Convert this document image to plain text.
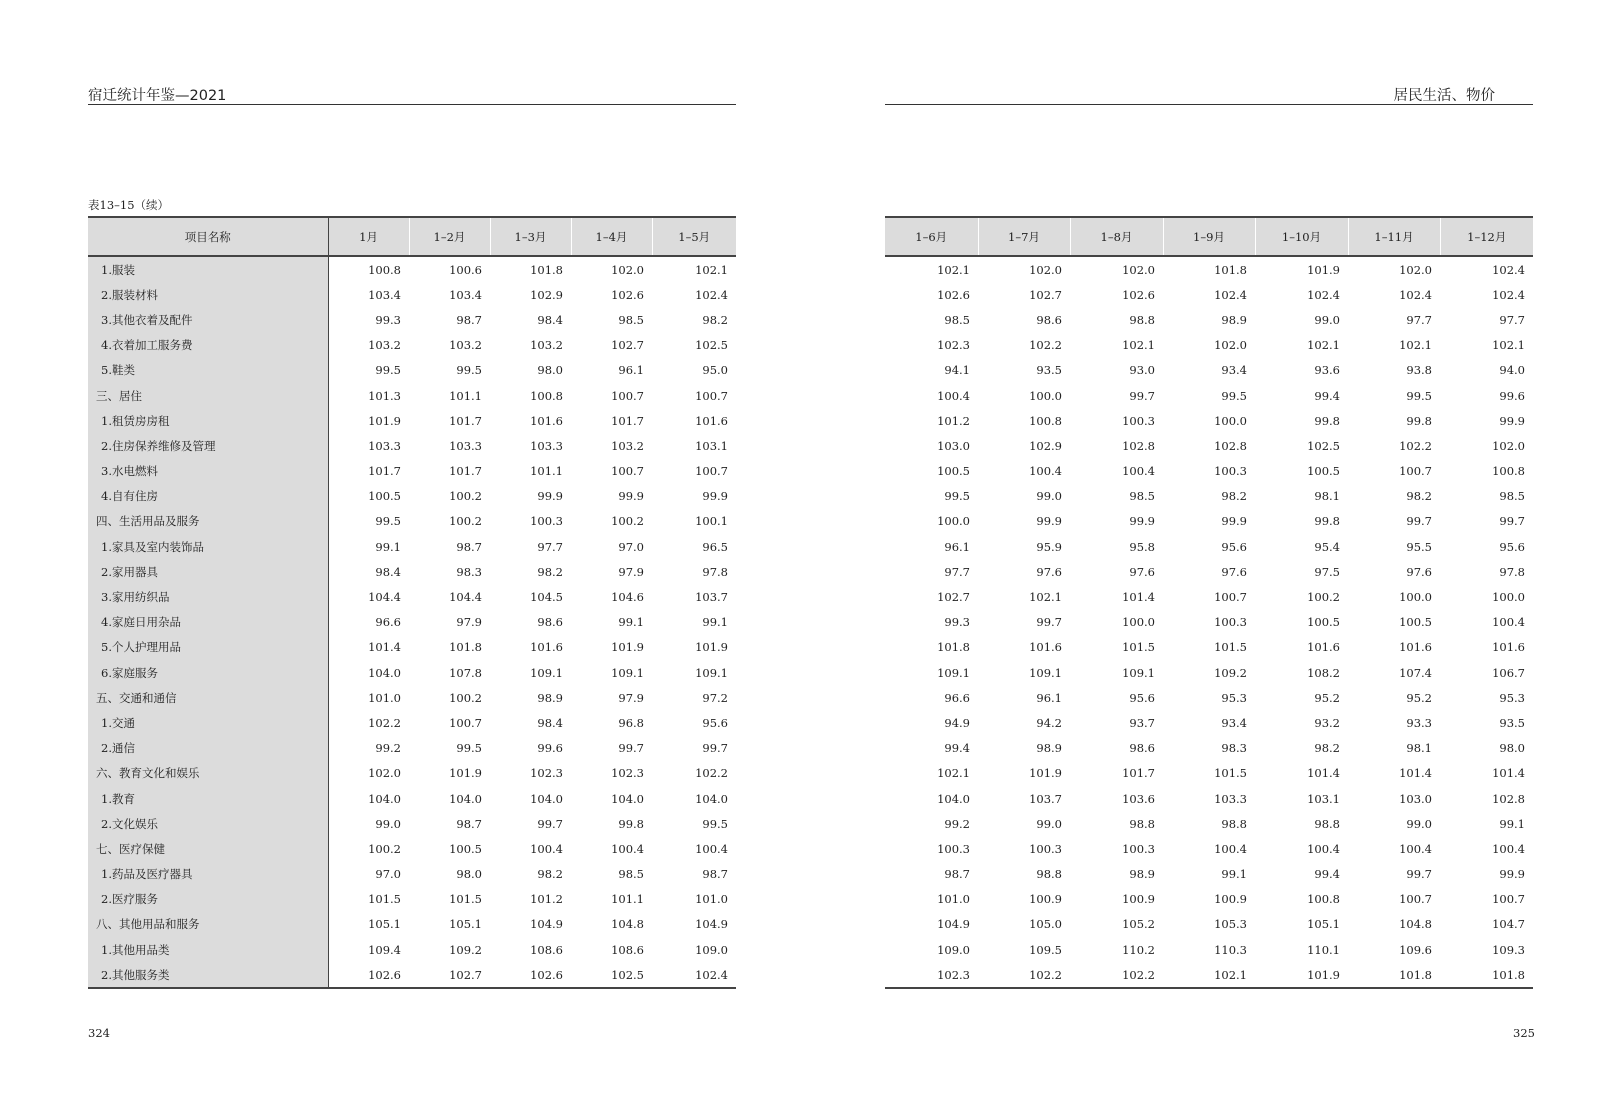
宿迁统计年鉴—2021	居民生活、物价
表13–15（续）
项目名称	1月	1–2月	1–3月	1–4月	1–5月
1.服装	100.8	100.6	101.8	102.0	102.1
2.服装材料	103.4	103.4	102.9	102.6	102.4
3.其他衣着及配件	99.3	98.7	98.4	98.5	98.2
4.衣着加工服务费	103.2	103.2	103.2	102.7	102.5
5.鞋类	99.5	99.5	98.0	96.1	95.0
三、居住	101.3	101.1	100.8	100.7	100.7
1.租赁房房租	101.9	101.7	101.6	101.7	101.6
2.住房保养维修及管理	103.3	103.3	103.3	103.2	103.1
3.水电燃料	101.7	101.7	101.1	100.7	100.7
4.自有住房	100.5	100.2	99.9	99.9	99.9
四、生活用品及服务	99.5	100.2	100.3	100.2	100.1
1.家具及室内装饰品	99.1	98.7	97.7	97.0	96.5
2.家用器具	98.4	98.3	98.2	97.9	97.8
3.家用纺织品	104.4	104.4	104.5	104.6	103.7
4.家庭日用杂品	96.6	97.9	98.6	99.1	99.1
5.个人护理用品	101.4	101.8	101.6	101.9	101.9
6.家庭服务	104.0	107.8	109.1	109.1	109.1
五、交通和通信	101.0	100.2	98.9	97.9	97.2
1.交通	102.2	100.7	98.4	96.8	95.6
2.通信	99.2	99.5	99.6	99.7	99.7
六、教育文化和娱乐	102.0	101.9	102.3	102.3	102.2
1.教育	104.0	104.0	104.0	104.0	104.0
2.文化娱乐	99.0	98.7	99.7	99.8	99.5
七、医疗保健	100.2	100.5	100.4	100.4	100.4
1.药品及医疗器具	97.0	98.0	98.2	98.5	98.7
2.医疗服务	101.5	101.5	101.2	101.1	101.0
八、其他用品和服务	105.1	105.1	104.9	104.8	104.9
1.其他用品类	109.4	109.2	108.6	108.6	109.0
2.其他服务类	102.6	102.7	102.6	102.5	102.4
1–6月	1–7月	1–8月	1–9月	1–10月	1–11月	1–12月
102.1	102.0	102.0	101.8	101.9	102.0	102.4
102.6	102.7	102.6	102.4	102.4	102.4	102.4
98.5	98.6	98.8	98.9	99.0	97.7	97.7
102.3	102.2	102.1	102.0	102.1	102.1	102.1
94.1	93.5	93.0	93.4	93.6	93.8	94.0
100.4	100.0	99.7	99.5	99.4	99.5	99.6
101.2	100.8	100.3	100.0	99.8	99.8	99.9
103.0	102.9	102.8	102.8	102.5	102.2	102.0
100.5	100.4	100.4	100.3	100.5	100.7	100.8
99.5	99.0	98.5	98.2	98.1	98.2	98.5
100.0	99.9	99.9	99.9	99.8	99.7	99.7
96.1	95.9	95.8	95.6	95.4	95.5	95.6
97.7	97.6	97.6	97.6	97.5	97.6	97.8
102.7	102.1	101.4	100.7	100.2	100.0	100.0
99.3	99.7	100.0	100.3	100.5	100.5	100.4
101.8	101.6	101.5	101.5	101.6	101.6	101.6
109.1	109.1	109.1	109.2	108.2	107.4	106.7
96.6	96.1	95.6	95.3	95.2	95.2	95.3
94.9	94.2	93.7	93.4	93.2	93.3	93.5
99.4	98.9	98.6	98.3	98.2	98.1	98.0
102.1	101.9	101.7	101.5	101.4	101.4	101.4
104.0	103.7	103.6	103.3	103.1	103.0	102.8
99.2	99.0	98.8	98.8	98.8	99.0	99.1
100.3	100.3	100.3	100.4	100.4	100.4	100.4
98.7	98.8	98.9	99.1	99.4	99.7	99.9
101.0	100.9	100.9	100.9	100.8	100.7	100.7
104.9	105.0	105.2	105.3	105.1	104.8	104.7
109.0	109.5	110.2	110.3	110.1	109.6	109.3
102.3	102.2	102.2	102.1	101.9	101.8	101.8
324	325
